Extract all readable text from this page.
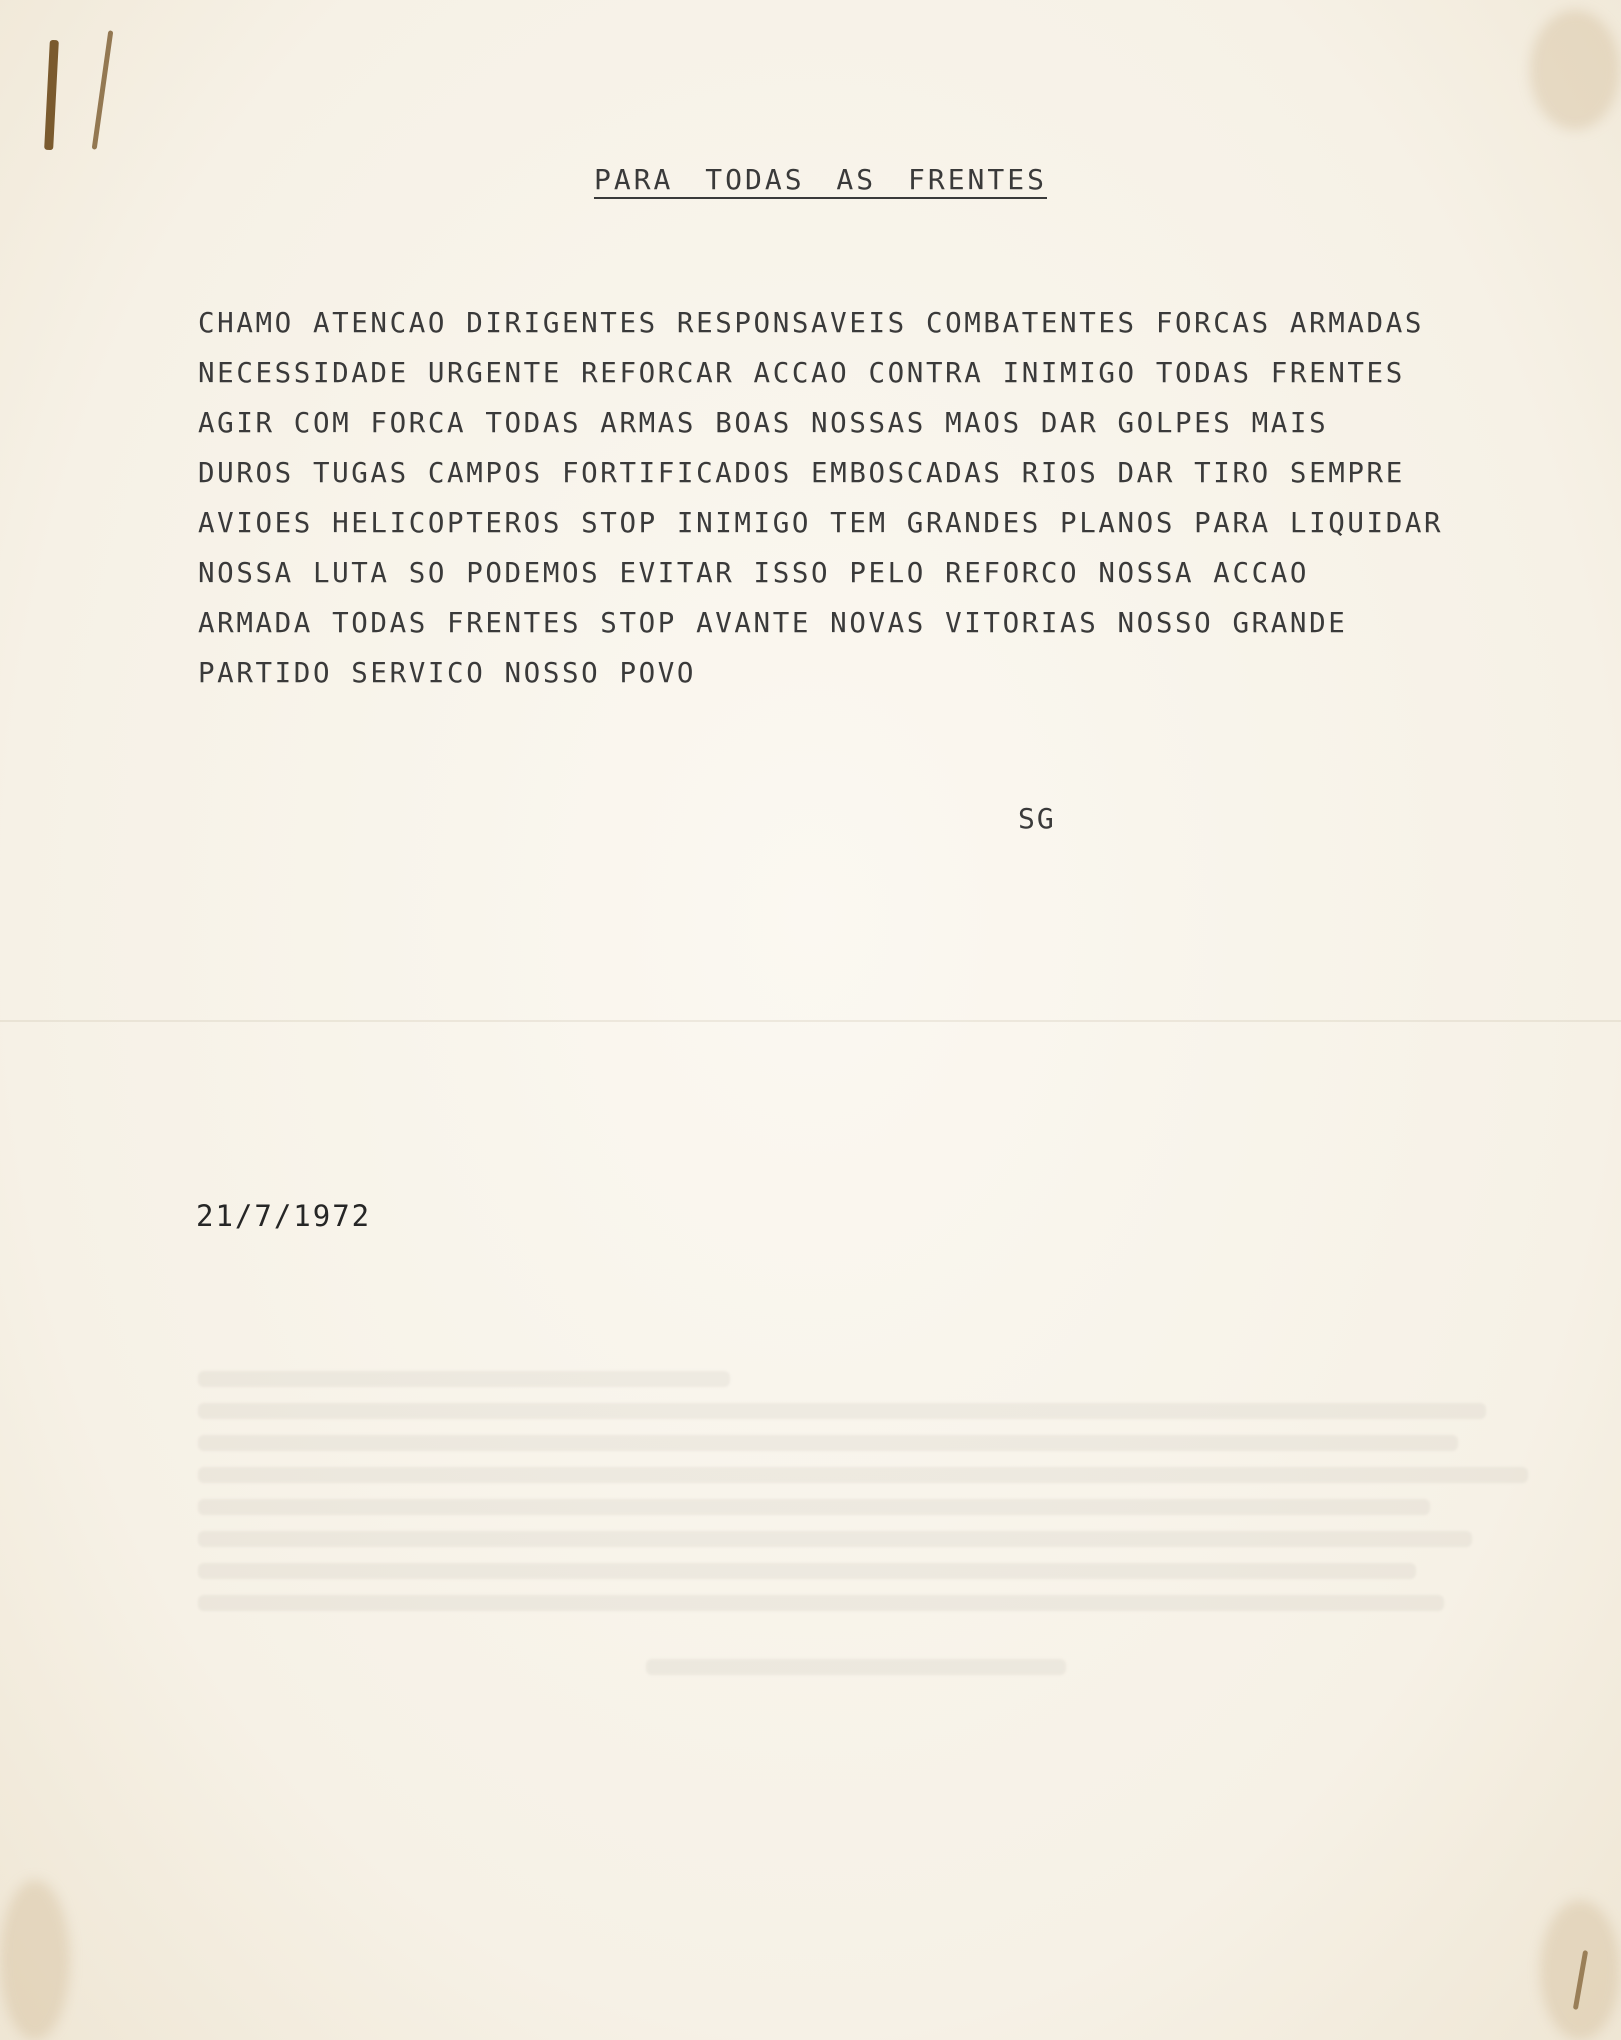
PARA TODAS AS FRENTES
CHAMO ATENCAO DIRIGENTES RESPONSAVEIS COMBATENTES FORCAS ARMADAS
NECESSIDADE URGENTE REFORCAR ACCAO CONTRA INIMIGO TODAS FRENTES
AGIR COM FORCA TODAS ARMAS BOAS NOSSAS MAOS DAR GOLPES MAIS
DUROS TUGAS CAMPOS FORTIFICADOS EMBOSCADAS RIOS DAR TIRO SEMPRE
AVIOES HELICOPTEROS STOP INIMIGO TEM GRANDES PLANOS PARA LIQUIDAR
NOSSA LUTA SO PODEMOS EVITAR ISSO PELO REFORCO NOSSA ACCAO
ARMADA TODAS FRENTES STOP AVANTE NOVAS VITORIAS NOSSO GRANDE
PARTIDO SERVICO NOSSO POVO
SG
21/7/1972
